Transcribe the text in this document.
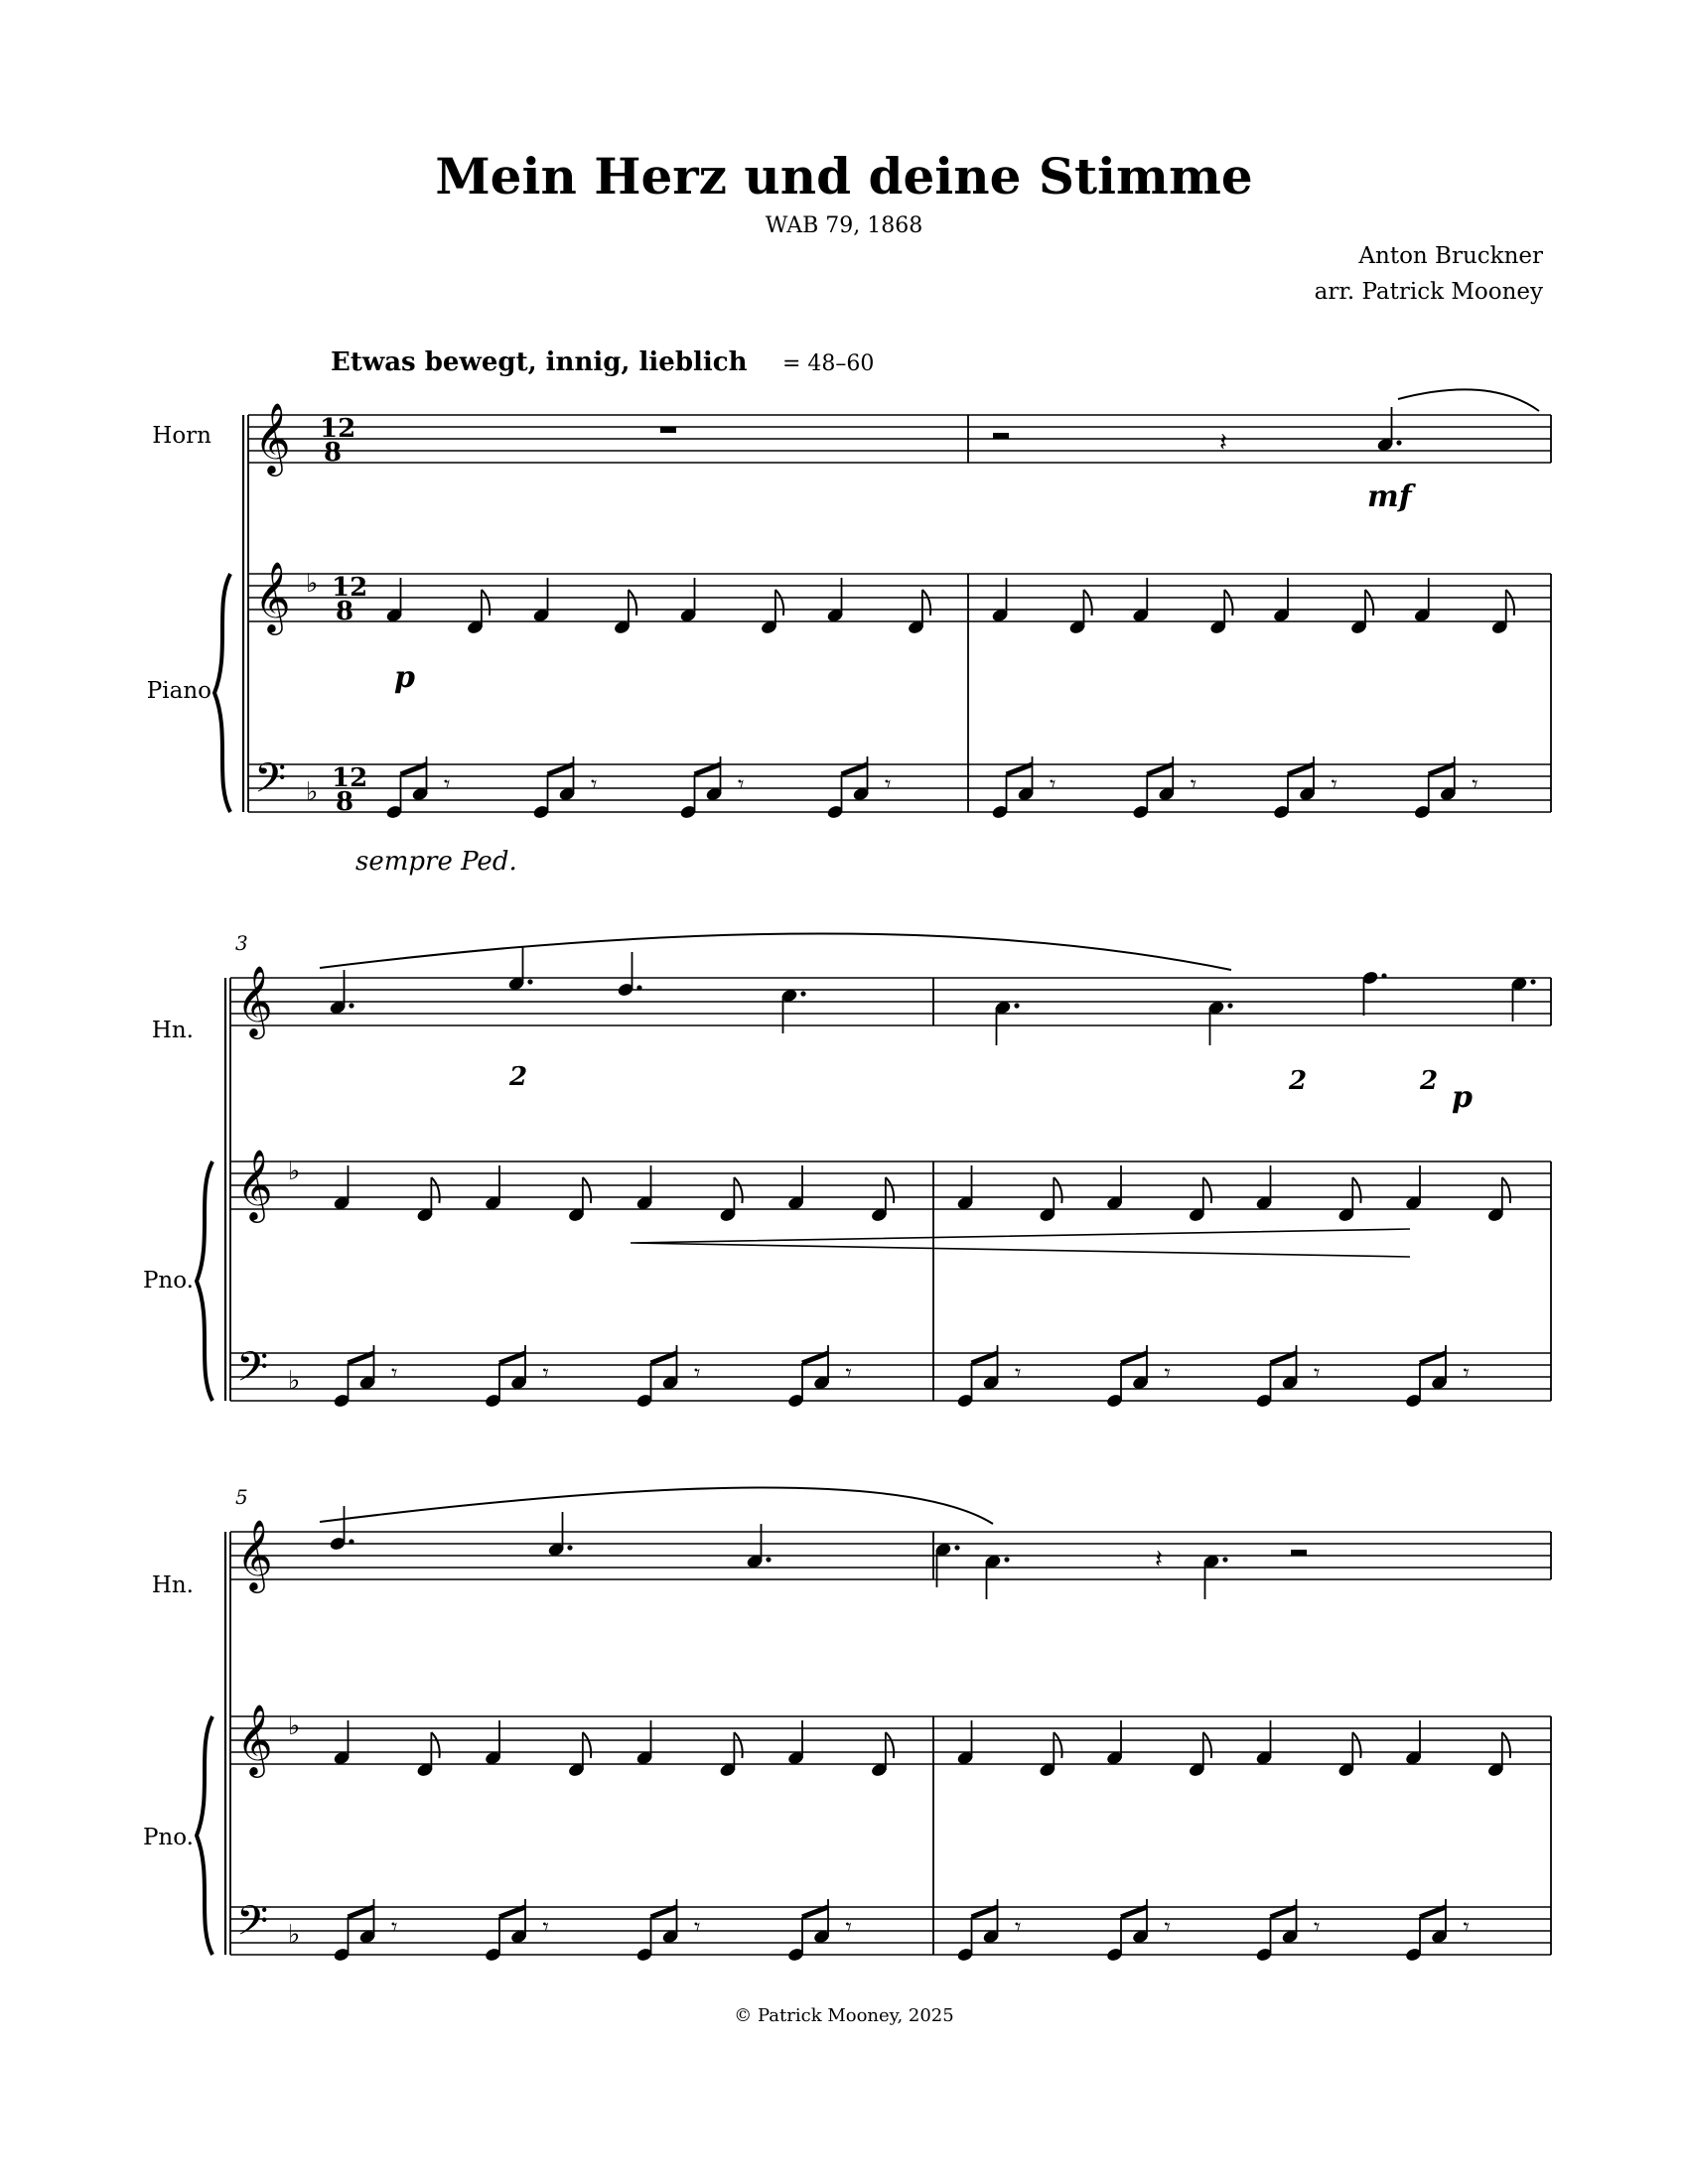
Mein Herz und deine Stimme
WAB 79, 1868
Anton Bruckner
arr. Patrick Mooney
Etwas bewegt, innig, lieblich = 48–60
Horn
Piano
Hn.
Pno.
Hn.
Pno.
𝄞
𝄞
𝄢
♭
♭
12
8
12
8
12
8
𝄾	𝄾	𝄾	𝄾	𝄾	𝄾	𝄾	𝄾
𝄽
mf
p
sempre Ped.
𝄞
𝄞
𝄢
♭
♭	𝄾	𝄾	𝄾	𝄾	𝄾	𝄾	𝄾	𝄾
3
2	2	2 p
𝄞
𝄞
𝄢
♭
♭	𝄾	𝄾	𝄾	𝄾	𝄾	𝄾	𝄾	𝄾
5
𝄽
© Patrick Mooney, 2025
